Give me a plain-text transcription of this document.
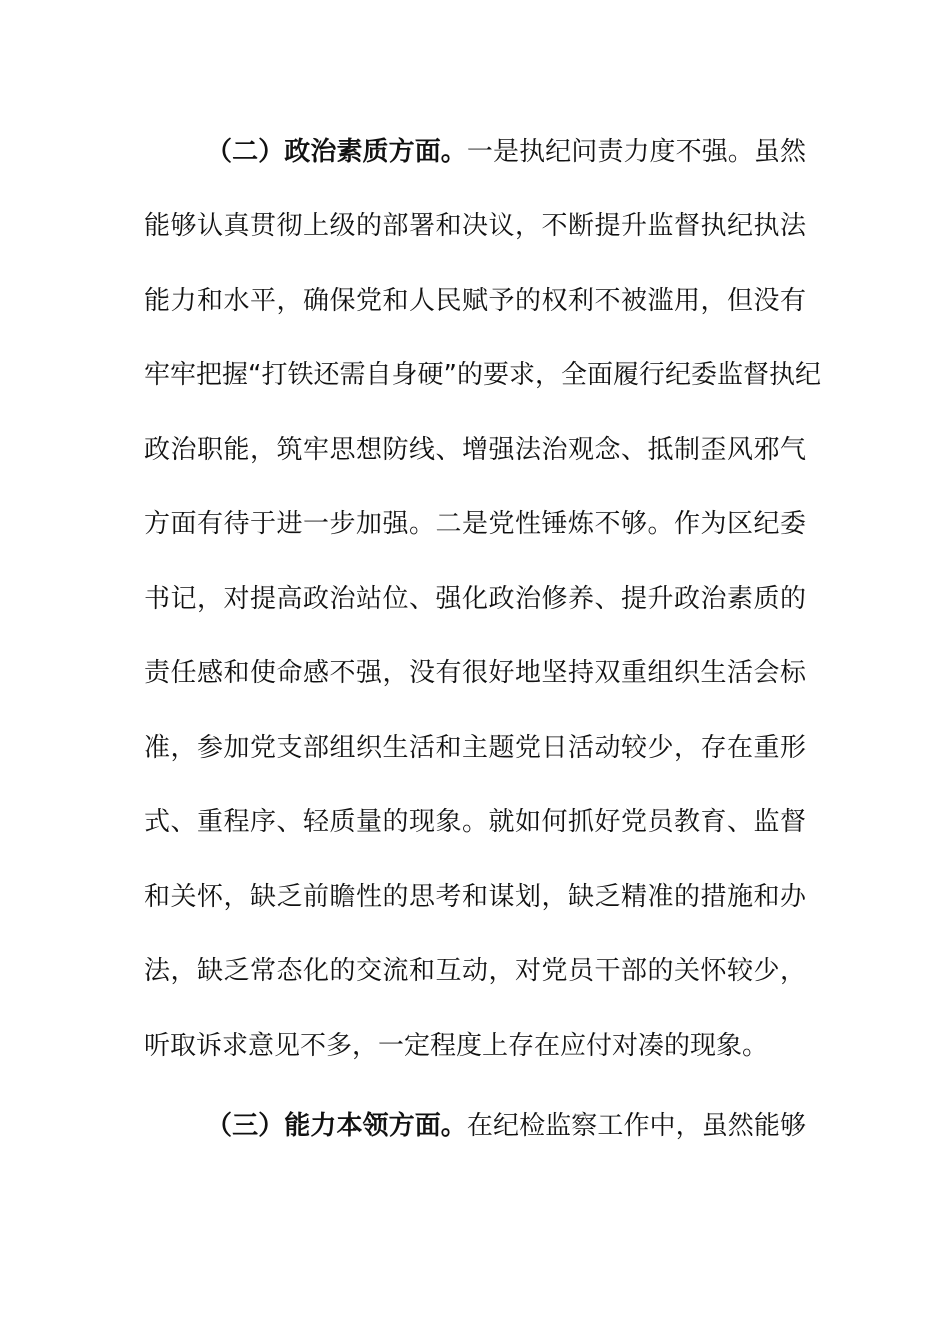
（二）政治素质方面。一是执纪问责力度不强。虽然
能够认真贯彻上级的部署和决议，不断提升监督执纪执法
能力和水平，确保党和人民赋予的权利不被滥用，但没有
牢牢把握“打铁还需自身硬”的要求，全面履行纪委监督执纪
政治职能，筑牢思想防线、增强法治观念、抵制歪风邪气
方面有待于进一步加强。二是党性锤炼不够。作为区纪委
书记，对提高政治站位、强化政治修养、提升政治素质的
责任感和使命感不强，没有很好地坚持双重组织生活会标
准，参加党支部组织生活和主题党日活动较少，存在重形
式、重程序、轻质量的现象。就如何抓好党员教育、监督
和关怀，缺乏前瞻性的思考和谋划，缺乏精准的措施和办
法，缺乏常态化的交流和互动，对党员干部的关怀较少，
听取诉求意见不多，一定程度上存在应付对凑的现象。
（三）能力本领方面。在纪检监察工作中，虽然能够
